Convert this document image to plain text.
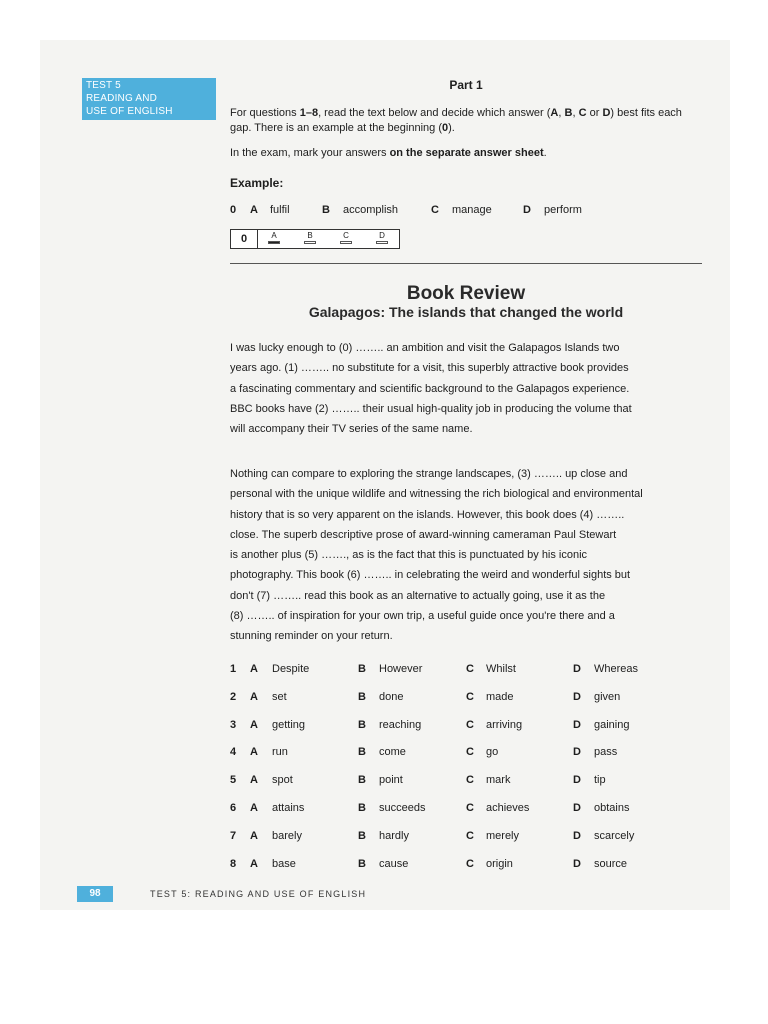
TEST 5
READING AND
USE OF ENGLISH
Part 1
For questions 1–8, read the text below and decide which answer (A, B, C or D) best fits each gap. There is an example at the beginning (0).
In the exam, mark your answers on the separate answer sheet.
Example:
0 A fulfil	B accomplish	C manage	D perform
0	A	B	C	D
Book Review
Galapagos: The islands that changed the world
I was lucky enough to (0) …….. an ambition and visit the Galapagos Islands two
years ago. (1) …….. no substitute for a visit, this superbly attractive book provides
a fascinating commentary and scientific background to the Galapagos experience.
BBC books have (2) …….. their usual high-quality job in producing the volume that
will accompany their TV series of the same name.
Nothing can compare to exploring the strange landscapes, (3) …….. up close and
personal with the unique wildlife and witnessing the rich biological and environmental
history that is so very apparent on the islands. However, this book does (4) ……..
close. The superb descriptive prose of award-winning cameraman Paul Stewart
is another plus (5) ……., as is the fact that this is punctuated by his iconic
photography. This book (6) …….. in celebrating the weird and wonderful sights but
don't (7) …….. read this book as an alternative to actually going, use it as the
(8) …….. of inspiration for your own trip, a useful guide once you're there and a
stunning reminder on your return.
1 A Despite	B However	C Whilst	D Whereas
2 A set	B done	C made	D given
3 A getting	B reaching	C arriving	D gaining
4 A run	B come	C go	D pass
5 A spot	B point	C mark	D tip
6 A attains	B succeeds	C achieves	D obtains
7 A barely	B hardly	C merely	D scarcely
8 A base	B cause	C origin	D source
98	TEST 5: READING AND USE OF ENGLISH
